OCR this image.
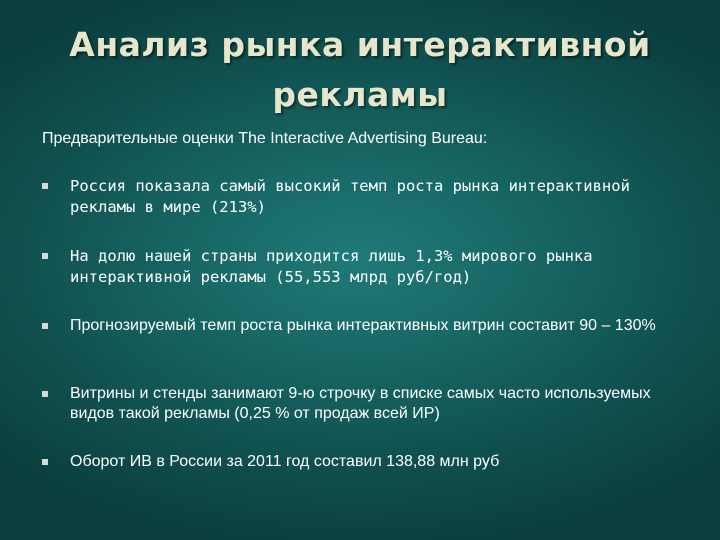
Анализ рынка интерактивной рекламы
Предварительные оценки The Interactive Advertising Bureau:
Россия показала самый высокий темп роста рынка интерактивной рекламы в мире (213%)
На долю нашей страны приходится лишь 1,3% мирового рынка интерактивной рекламы (55,553 млрд руб/год)
Прогнозируемый темп роста рынка интерактивных витрин составит 90 – 130%
Витрины и стенды занимают 9-ю строчку в списке самых часто используемых видов такой рекламы (0,25 % от продаж всей ИР)
Оборот ИВ в России за 2011 год составил 138,88 млн руб
